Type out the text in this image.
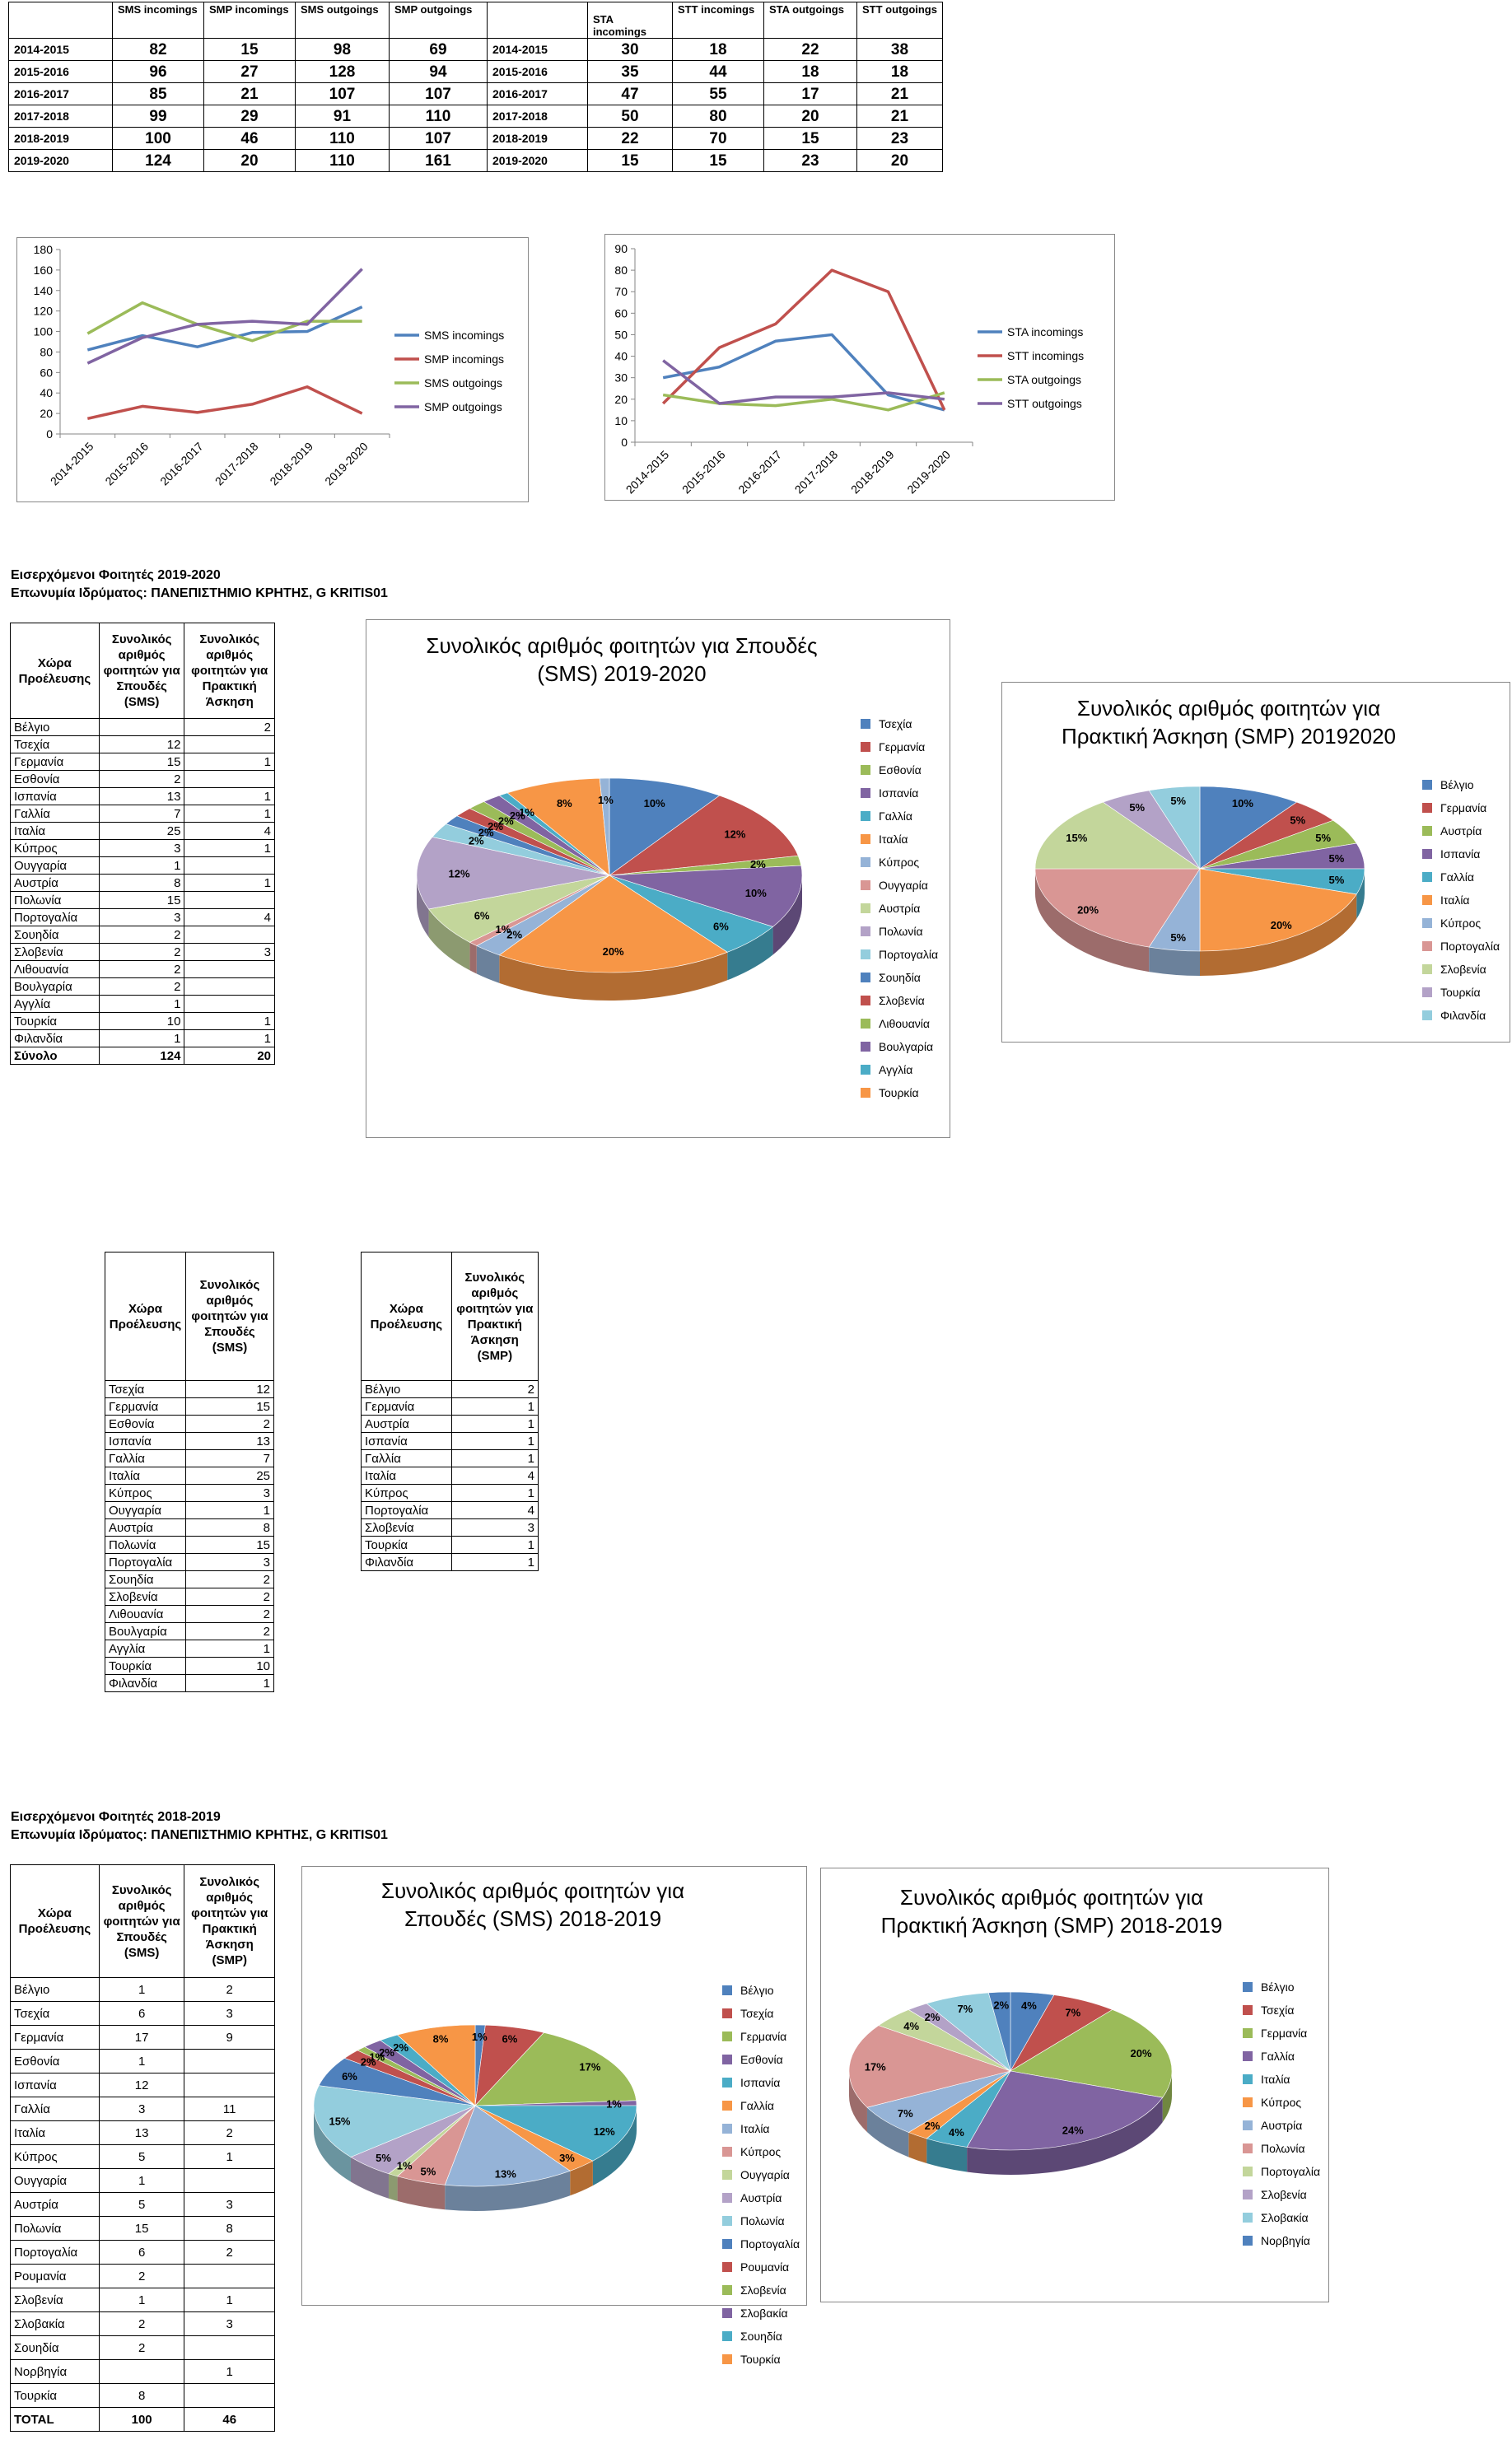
	SMS incomings	SMP incomings	SMS outgoings	SMP outgoings		STA incomings	STT incomings	STA outgoings	STT outgoings
2014-2015	82	15	98	69	2014-2015	30	18	22	38
2015-2016	96	27	128	94	2015-2016	35	44	18	18
2016-2017	85	21	107	107	2016-2017	47	55	17	21
2017-2018	99	29	91	110	2017-2018	50	80	20	21
2018-2019	100	46	110	107	2018-2019	22	70	15	23
2019-2020	124	20	110	161	2019-2020	15	15	23	20
0
20
40
60
80
100
120
140
160
180
2014-2015 2015-2016 2016-2017 2017-2018 2018-2019 2019-2020
SMS incomings
SMP incomings
SMS outgoings
SMP outgoings
0
10
20
30
40
50
60
70
80
90
2014-2015 2015-2016 2016-2017 2017-2018 2018-2019 2019-2020
STA incomings
STT incomings
STA outgoings
STT outgoings
Εισερχόμενοι Φοιτητές 2019-2020
Επωνυμία Ιδρύματος: ΠΑΝΕΠΙΣΤΗΜΙΟ ΚΡΗΤΗΣ, G KRITIS01
Χώρα Προέλευσης	Συνολικός αριθμός φοιτητών για Σπουδές (SMS)	Συνολικός αριθμός φοιτητών για Πρακτική Άσκηση
Βέλγιο		2
Τσεχία	12	
Γερμανία	15	1
Εσθονία	2	
Ισπανία	13	1
Γαλλία	7	1
Ιταλία	25	4
Κύπρος	3	1
Ουγγαρία	1	
Αυστρία	8	1
Πολωνία	15	
Πορτογαλία	3	4
Σουηδία	2	
Σλοβενία	2	3
Λιθουανία	2	
Βουλγαρία	2	
Αγγλία	1	
Τουρκία	10	1
Φιλανδία	1	1
Σύνολο	124	20
Συνολικός αριθμός φοιτητών για Σπουδές (SMS) 2019-2020
10%
12%
2%
10%
6%
20%
2%
1%
6%
12%
2%
2%
2%
2%
2%
1%
8% 1%
Τσεχία
Γερμανία
Εσθονία
Ισπανία
Γαλλία
Ιταλία
Κύπρος
Ουγγαρία
Αυστρία
Πολωνία
Πορτογαλία
Σουηδία
Σλοβενία
Λιθουανία
Βουλγαρία
Αγγλία
Τουρκία
Συνολικός αριθμός φοιτητών για Πρακτική Άσκηση (SMP) 20192020
10%
5%
5%
5%
5%
20%
5%
20%
15%
5%
5%
Βέλγιο
Γερμανία
Αυστρία
Ισπανία
Γαλλία
Ιταλία
Κύπρος
Πορτογαλία
Σλοβενία
Τουρκία
Φιλανδία
Χώρα Προέλευσης	Συνολικός αριθμός φοιτητών για Σπουδές (SMS)
Τσεχία	12
Γερμανία	15
Εσθονία	2
Ισπανία	13
Γαλλία	7
Ιταλία	25
Κύπρος	3
Ουγγαρία	1
Αυστρία	8
Πολωνία	15
Πορτογαλία	3
Σουηδία	2
Σλοβενία	2
Λιθουανία	2
Βουλγαρία	2
Αγγλία	1
Τουρκία	10
Φιλανδία	1
Χώρα Προέλευσης	Συνολικός αριθμός φοιτητών για Πρακτική Άσκηση (SMP)
Βέλγιο	2
Γερμανία	1
Αυστρία	1
Ισπανία	1
Γαλλία	1
Ιταλία	4
Κύπρος	1
Πορτογαλία	4
Σλοβενία	3
Τουρκία	1
Φιλανδία	1
Εισερχόμενοι Φοιτητές 2018-2019
Επωνυμία Ιδρύματος: ΠΑΝΕΠΙΣΤΗΜΙΟ ΚΡΗΤΗΣ, G KRITIS01
Χώρα Προέλευσης	Συνολικός αριθμός φοιτητών για Σπουδές (SMS)	Συνολικός αριθμός φοιτητών για Πρακτική Άσκηση (SMP)
Βέλγιο	1	2
Τσεχία	6	3
Γερμανία	17	9
Εσθονία	1	
Ισπανία	12	
Γαλλία	3	11
Ιταλία	13	2
Κύπρος	5	1
Ουγγαρία	1	
Αυστρία	5	3
Πολωνία	15	8
Πορτογαλία	6	2
Ρουμανία	2	
Σλοβενία	1	1
Σλοβακία	2	3
Σουηδία	2	
Νορβηγία		1
Τουρκία	8	
TOTAL	100	46
Συνολικός αριθμός φοιτητών για Σπουδές (SMS) 2018-2019
1% 6%
17%
1%
12%
3%
13%
5%
1%
5%
15%
6%
2%
1%
2%
2%
8%
Βέλγιο
Τσεχία
Γερμανία
Εσθονία
Ισπανία
Γαλλία
Ιταλία
Κύπρος
Ουγγαρία
Αυστρία
Πολωνία
Πορτογαλία
Ρουμανία
Σλοβενία
Σλοβακία
Σουηδία
Τουρκία
Συνολικός αριθμός φοιτητών για Πρακτική Άσκηση (SMP) 2018-2019
4%
7%
20%
24%
4%
2%
7%
17%
4%
2%
7% 2%
Βέλγιο
Τσεχία
Γερμανία
Γαλλία
Ιταλία
Κύπρος
Αυστρία
Πολωνία
Πορτογαλία
Σλοβενία
Σλοβακία
Νορβηγία
